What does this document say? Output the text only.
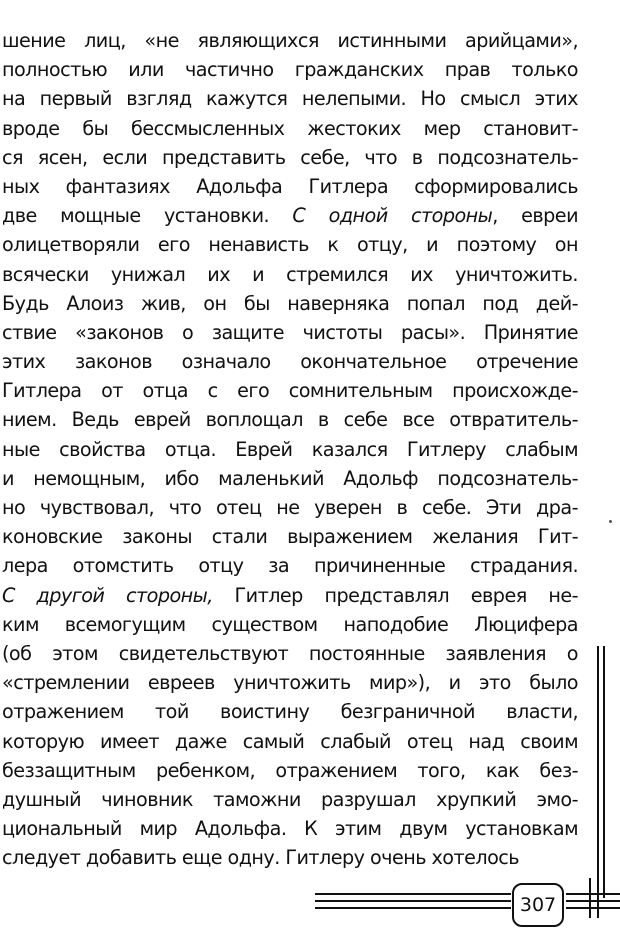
шение лиц, «не являющихся истинными арийцами»,
полностью или частично гражданских прав только
на первый взгляд кажутся нелепыми. Но смысл этих
вроде бы бессмысленных жестоких мер становит-
ся ясен, если представить себе, что в подсознатель-
ных фантазиях Адольфа Гитлера сформировались
две мощные установки. С одной стороны, евреи
олицетворяли его ненависть к отцу, и поэтому он
всячески унижал их и стремился их уничтожить.
Будь Алоиз жив, он бы наверняка попал под дей-
ствие «законов о защите чистоты расы». Принятие
этих законов означало окончательное отречение
Гитлера от отца с его сомнительным происхожде-
нием. Ведь еврей воплощал в себе все отвратитель-
ные свойства отца. Еврей казался Гитлеру слабым
и немощным, ибо маленький Адольф подсознатель-
но чувствовал, что отец не уверен в себе. Эти дра-
коновские законы стали выражением желания Гит-
лера отомстить отцу за причиненные страдания.
С другой стороны, Гитлер представлял еврея не-
ким всемогущим существом наподобие Люцифера
(об этом свидетельствуют постоянные заявления о
«стремлении евреев уничтожить мир»), и это было
отражением той воистину безграничной власти,
которую имеет даже самый слабый отец над своим
беззащитным ребенком, отражением того, как без-
душный чиновник таможни разрушал хрупкий эмо-
циональный мир Адольфа. К этим двум установкам
следует добавить еще одну. Гитлеру очень хотелось
307
